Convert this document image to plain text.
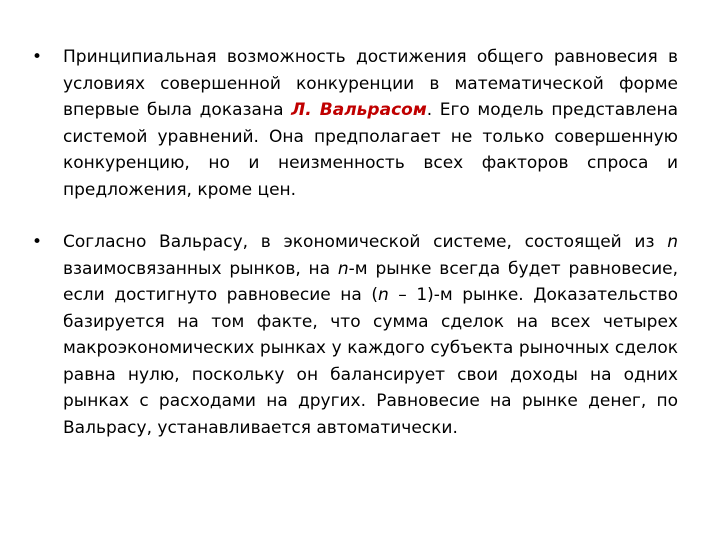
•	Принципиальная возможность достижения общего равновесия в условиях совершенной конкуренции в математической форме впервые была доказана Л. Вальрасом. Его модель представлена системой уравнений. Она предполагает не только совершенную конкуренцию, но и неизменность всех факторов спроса и предложения, кроме цен.
•	Согласно Вальрасу, в экономической системе, состоящей из n взаимосвязанных рынков, на n-м рынке всегда будет равновесие, если достигнуто равновесие на (n – 1)-м рынке. Доказательство базируется на том факте, что сумма сделок на всех четырех макроэкономических рынках у каждого субъекта рыночных сделок равна нулю, поскольку он балансирует свои доходы на одних рынках с расходами на других. Равновесие на рынке денег, по Вальрасу, устанавливается автоматически.
